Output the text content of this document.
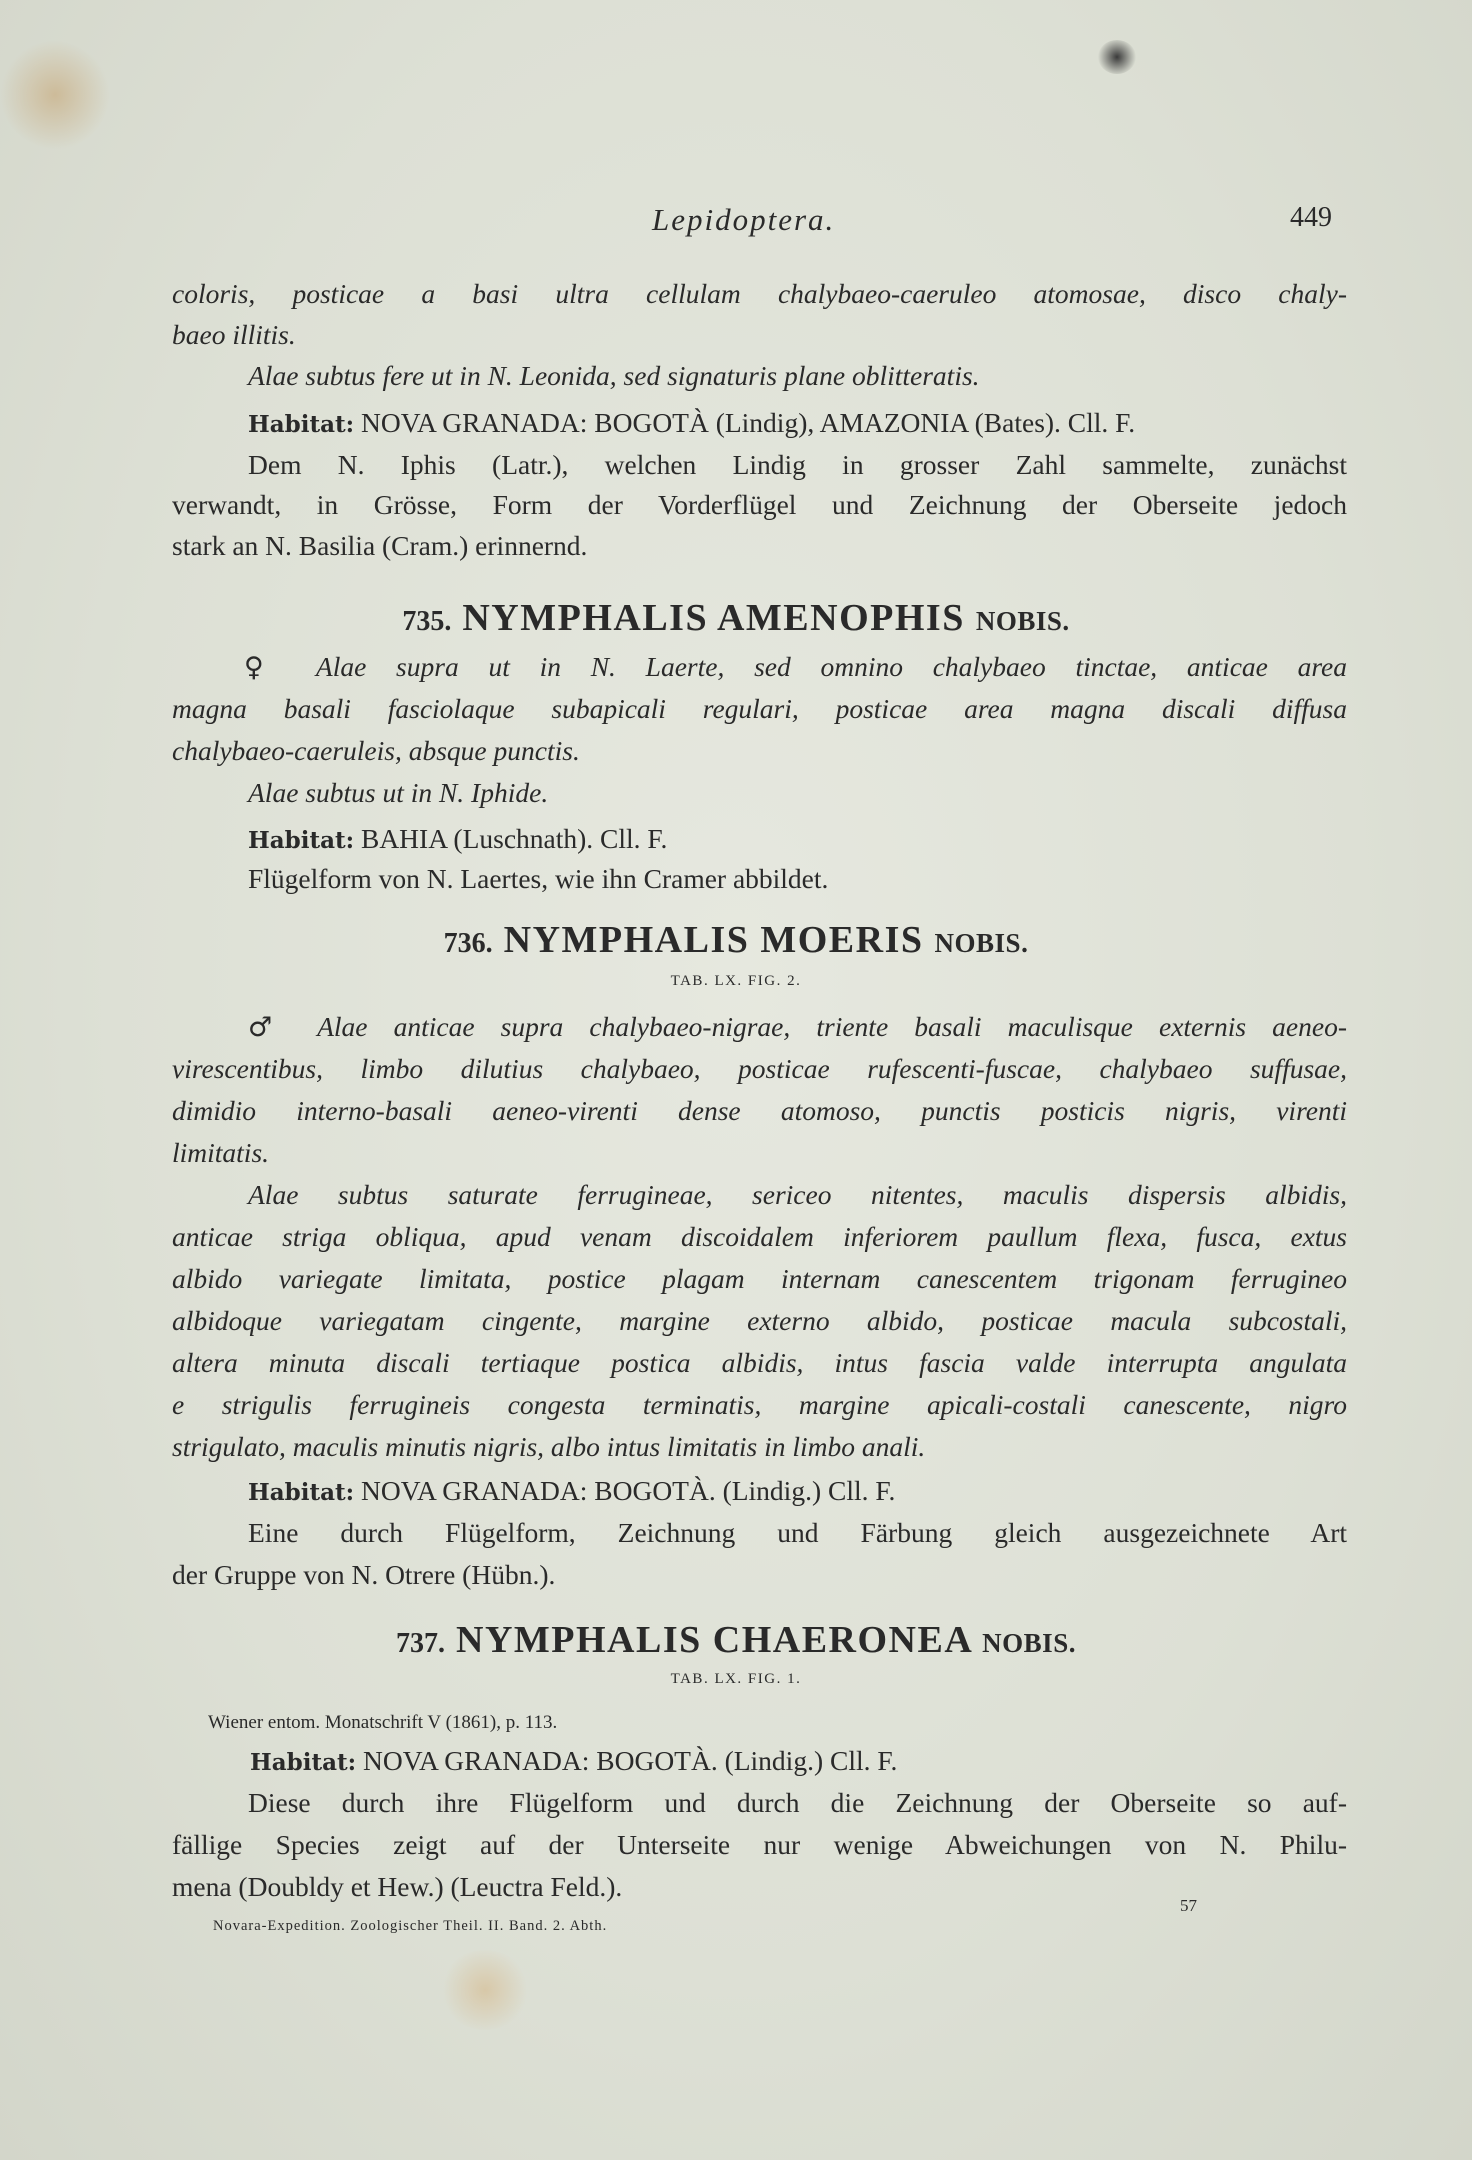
Lepidoptera.	449
coloris, posticae a basi ultra cellulam chalybaeo-caeruleo atomosae, disco chaly-
baeo illitis.
Alae subtus fere ut in N. Leonida, sed signaturis plane oblitteratis.
Habitat: NOVA GRANADA: BOGOTÀ (Lindig), AMAZONIA (Bates). Cll. F.
Dem N. Iphis (Latr.), welchen Lindig in grosser Zahl sammelte, zunächst
verwandt, in Grösse, Form der Vorderflügel und Zeichnung der Oberseite jedoch
stark an N. Basilia (Cram.) erinnernd.
735. NYMPHALIS AMENOPHIS NOBIS.
♀ Alae supra ut in N. Laerte, sed omnino chalybaeo tinctae, anticae area
magna basali fasciolaque subapicali regulari, posticae area magna discali diffusa
chalybaeo-caeruleis, absque punctis.
Alae subtus ut in N. Iphide.
Habitat: BAHIA (Luschnath). Cll. F.
Flügelform von N. Laertes, wie ihn Cramer abbildet.
736. NYMPHALIS MOERIS NOBIS.
TAB. LX. FIG. 2.
♂ Alae anticae supra chalybaeo-nigrae, triente basali maculisque externis aeneo-
virescentibus, limbo dilutius chalybaeo, posticae rufescenti-fuscae, chalybaeo suffusae,
dimidio interno-basali aeneo-virenti dense atomoso, punctis posticis nigris, virenti
limitatis.
Alae subtus saturate ferrugineae, sericeo nitentes, maculis dispersis albidis,
anticae striga obliqua, apud venam discoidalem inferiorem paullum flexa, fusca, extus
albido variegate limitata, postice plagam internam canescentem trigonam ferrugineo
albidoque variegatam cingente, margine externo albido, posticae macula subcostali,
altera minuta discali tertiaque postica albidis, intus fascia valde interrupta angulata
e strigulis ferrugineis congesta terminatis, margine apicali-costali canescente, nigro
strigulato, maculis minutis nigris, albo intus limitatis in limbo anali.
Habitat: NOVA GRANADA: BOGOTÀ. (Lindig.) Cll. F.
Eine durch Flügelform, Zeichnung und Färbung gleich ausgezeichnete Art
der Gruppe von N. Otrere (Hübn.).
737. NYMPHALIS CHAERONEA NOBIS.
TAB. LX. FIG. 1.
Wiener entom. Monatschrift V (1861), p. 113.
Habitat: NOVA GRANADA: BOGOTÀ. (Lindig.) Cll. F.
Diese durch ihre Flügelform und durch die Zeichnung der Oberseite so auf-
fällige Species zeigt auf der Unterseite nur wenige Abweichungen von N. Philu-
mena (Doubldy et Hew.) (Leuctra Feld.).
57
Novara-Expedition. Zoologischer Theil. II. Band. 2. Abth.
